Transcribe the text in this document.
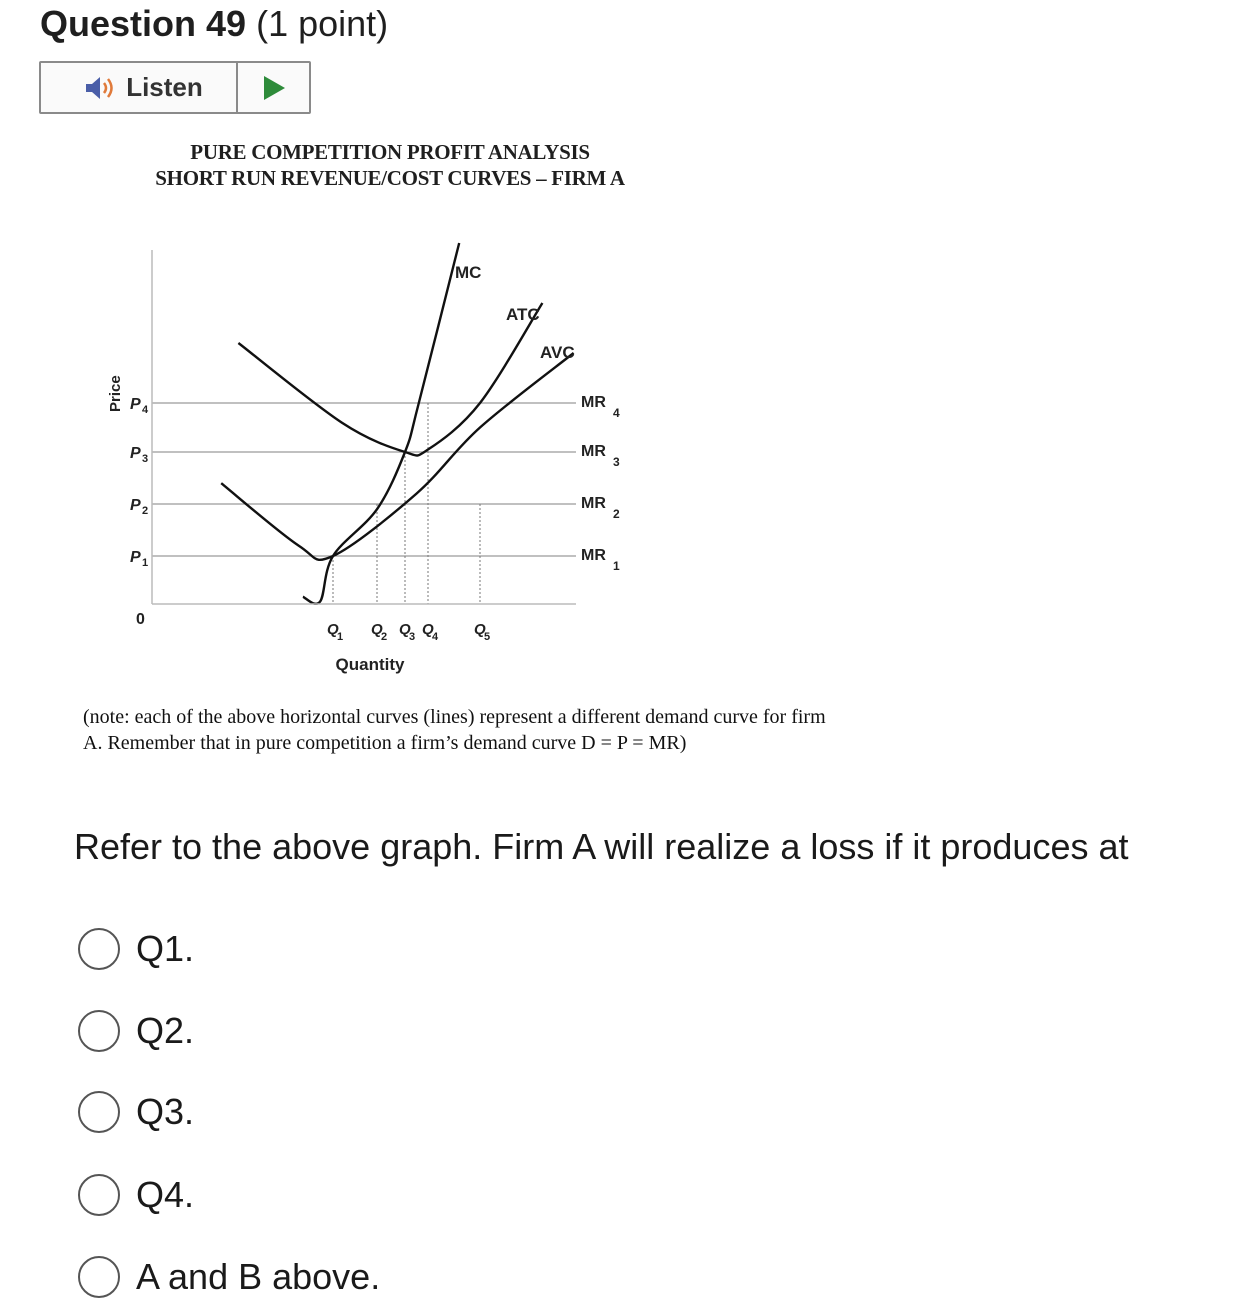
Question 49 (1 point)
Listen
PURE COMPETITION PROFIT ANALYSIS
SHORT RUN REVENUE/COST CURVES – FIRM A
P 1	MR
1
P 2	MR
2
P 3	MR
3
P 4	MR
4
Q
1 Q
2 Q
3 Q
4 Q
5
Price
Quantity
0
MC
ATC
AVC
(note: each of the above horizontal curves (lines) represent a different demand curve for firm
A. Remember that in pure competition a firm’s demand curve D = P = MR)
Refer to the above graph. Firm A will realize a loss if it produces at
Q1.
Q2.
Q3.
Q4.
A and B above.
